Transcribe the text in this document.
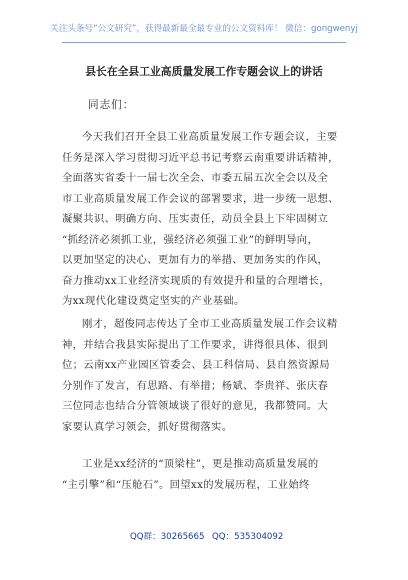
关注头条号“公文研究”，获得最新最全最专业的公文资料库！ 微信：gongwenyj
县长在全县工业高质量发展工作专题会议上的讲话
同志们：
今天我们召开全县工业高质量发展工作专题会议，主要
任务是深入学习贯彻习近平总书记考察云南重要讲话精神，
全面落实省委十一届七次全会、市委五届五次全会以及全
市工业高质量发展工作会议的部署要求，进一步统一思想、
凝聚共识、明确方向、压实责任，动员全县上下牢固树立
“抓经济必须抓工业，强经济必须强工业”的鲜明导向，
以更加坚定的决心、更加有力的举措、更加务实的作风，
奋力推动xx工业经济实现质的有效提升和量的合理增长，
为xx现代化建设奠定坚实的产业基础。
刚才，超俊同志传达了全市工业高质量发展工作会议精
神，并结合我县实际提出了工作要求，讲得很具体、很到
位；云南xx产业园区管委会、县工科信局、县自然资源局
分别作了发言，有思路、有举措；杨斌、李贵祥、张庆春
三位同志也结合分管领域谈了很好的意见，我都赞同。大
家要认真学习领会，抓好贯彻落实。
工业是xx经济的“顶梁柱”，更是推动高质量发展的
“主引擎”和“压舱石”。回望xx的发展历程，工业始终
QQ群：30265665 QQ：535304092
